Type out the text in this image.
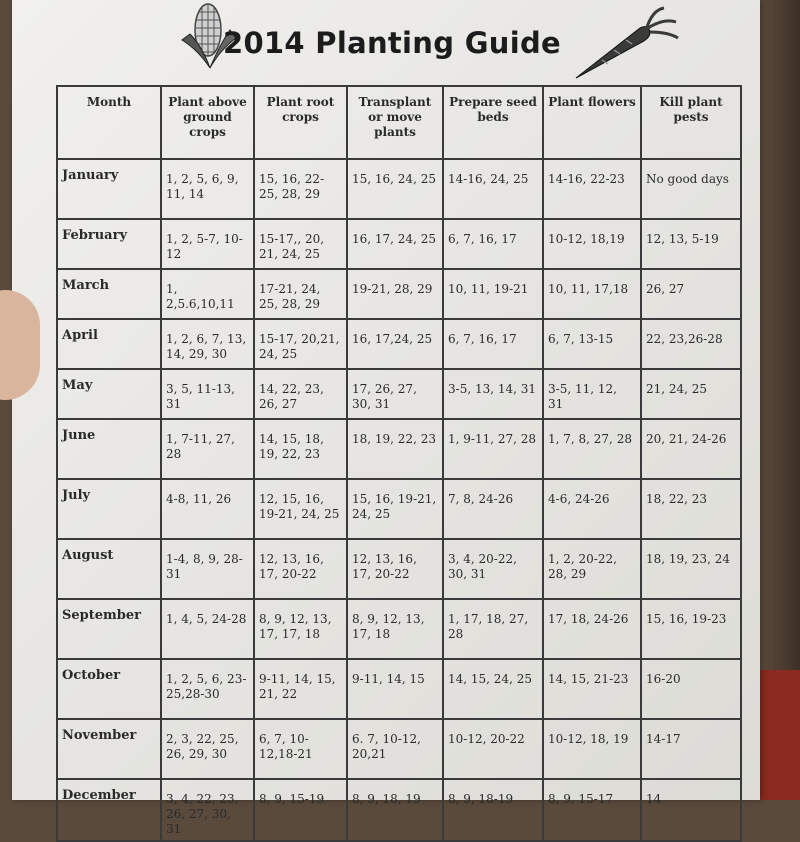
2014 Planting Guide
Month	Plant above ground crops	Plant root crops	Transplant or move plants	Prepare seed beds	Plant flowers	Kill plant pests
January	1, 2, 5, 6, 9, 11, 14	15, 16, 22-25, 28, 29	15, 16, 24, 25	14-16, 24, 25	14-16, 22-23	No good days
February	1, 2, 5-7, 10-12	15-17,, 20, 21, 24, 25	16, 17, 24, 25	6, 7, 16, 17	10-12, 18,19	12, 13, 5-19
March	1, 2,5.6,10,11	17-21, 24, 25, 28, 29	19-21, 28, 29	10, 11, 19-21	10, 11, 17,18	26, 27
April	1, 2, 6, 7, 13, 14, 29, 30	15-17, 20,21, 24, 25	16, 17,24, 25	6, 7, 16, 17	6, 7, 13-15	22, 23,26-28
May	3, 5, 11-13, 31	14, 22, 23, 26, 27	17, 26, 27, 30, 31	3-5, 13, 14, 31	3-5, 11, 12, 31	21, 24, 25
June	1, 7-11, 27, 28	14, 15, 18, 19, 22, 23	18, 19, 22, 23	1, 9-11, 27, 28	1, 7, 8, 27, 28	20, 21, 24-26
July	4-8, 11, 26	12, 15, 16, 19-21, 24, 25	15, 16, 19-21, 24, 25	7, 8, 24-26	4-6, 24-26	18, 22, 23
August	1-4, 8, 9, 28-31	12, 13, 16, 17, 20-22	12, 13, 16, 17, 20-22	3, 4, 20-22, 30, 31	1, 2, 20-22, 28, 29	18, 19, 23, 24
September	1, 4, 5, 24-28	8, 9, 12, 13, 17, 17, 18	8, 9, 12, 13, 17, 18	1, 17, 18, 27, 28	17, 18, 24-26	15, 16, 19-23
October	1, 2, 5, 6, 23-25,28-30	9-11, 14, 15, 21, 22	9-11, 14, 15	14, 15, 24, 25	14, 15, 21-23	16-20
November	2, 3, 22, 25, 26, 29, 30	6, 7, 10-12,18-21	6. 7, 10-12, 20,21	10-12, 20-22	10-12, 18, 19	14-17
December	3, 4, 22, 23, 26, 27, 30, 31	8, 9, 15-19	8, 9, 18, 19	8, 9, 18-19	8, 9, 15-17	14
